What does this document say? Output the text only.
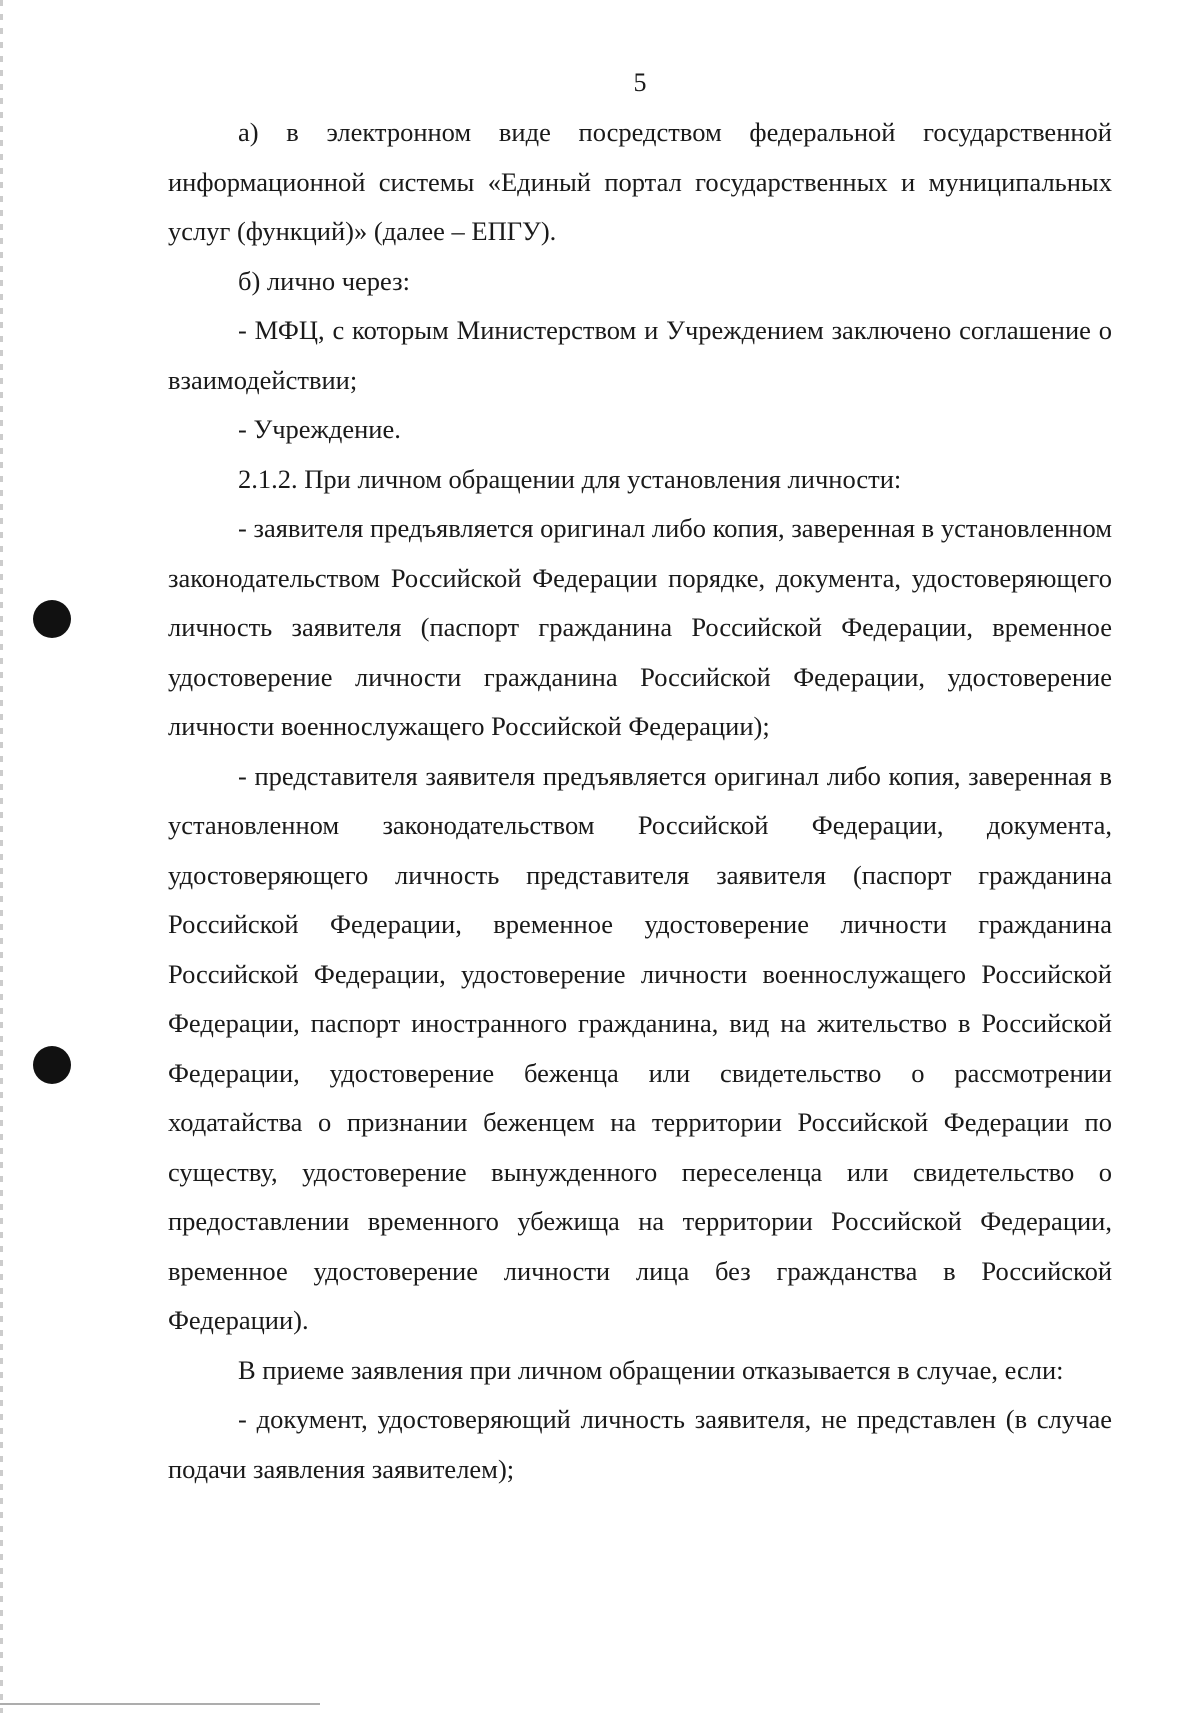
5

а) в электронном виде посредством федеральной государственной информационной системы «Единый портал государственных и муниципальных услуг (функций)» (далее – ЕПГУ).

б) лично через:

- МФЦ, с которым Министерством и Учреждением заключено соглашение о взаимодействии;

- Учреждение.

2.1.2. При личном обращении для установления личности:

- заявителя предъявляется оригинал либо копия, заверенная в установленном законодательством Российской Федерации порядке, документа, удостоверяющего личность заявителя (паспорт гражданина Российской Федерации, временное удостоверение личности гражданина Российской Федерации, удостоверение личности военнослужащего Российской Федерации);

- представителя заявителя предъявляется оригинал либо копия, заверенная в установленном законодательством Российской Федерации, документа, удостоверяющего личность представителя заявителя (паспорт гражданина Российской Федерации, временное удостоверение личности гражданина Российской Федерации, удостоверение личности военнослужащего Российской Федерации, паспорт иностранного гражданина, вид на жительство в Российской Федерации, удостоверение беженца или свидетельство о рассмотрении ходатайства о признании беженцем на территории Российской Федерации по существу, удостоверение вынужденного переселенца или свидетельство о предоставлении временного убежища на территории Российской Федерации, временное удостоверение личности лица без гражданства в Российской Федерации).

В приеме заявления при личном обращении отказывается в случае, если:

- документ, удостоверяющий личность заявителя, не представлен (в случае подачи заявления заявителем);
